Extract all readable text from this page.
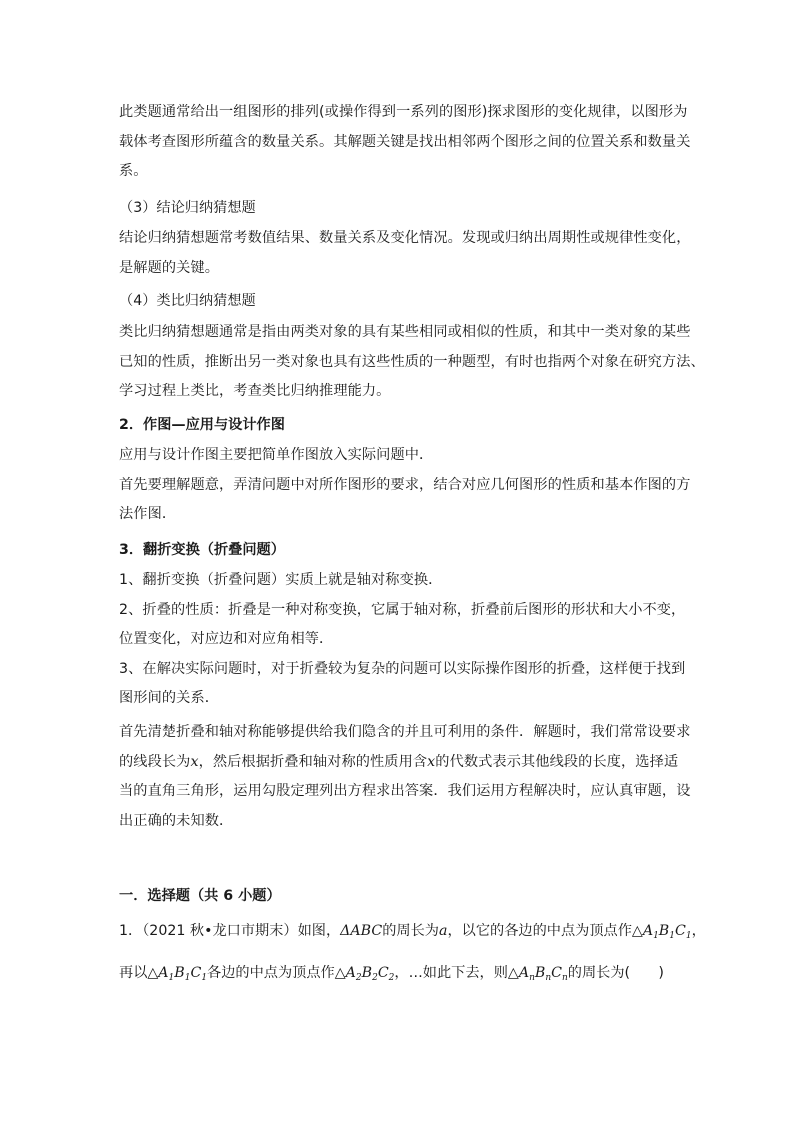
此类题通常给出一组图形的排列(或操作得到一系列的图形)探求图形的变化规律，以图形为
载体考查图形所蕴含的数量关系。其解题关键是找出相邻两个图形之间的位置关系和数量关
系。
（3）结论归纳猜想题
结论归纳猜想题常考数值结果、数量关系及变化情况。发现或归纳出周期性或规律性变化，
是解题的关键。
（4）类比归纳猜想题
类比归纳猜想题通常是指由两类对象的具有某些相同或相似的性质，和其中一类对象的某些
已知的性质，推断出另一类对象也具有这些性质的一种题型，有时也指两个对象在研究方法、
学习过程上类比，考查类比归纳推理能力。
2．作图—应用与设计作图
应用与设计作图主要把简单作图放入实际问题中．
首先要理解题意，弄清问题中对所作图形的要求，结合对应几何图形的性质和基本作图的方
法作图．
3．翻折变换（折叠问题）
1、翻折变换（折叠问题）实质上就是轴对称变换．
2、折叠的性质：折叠是一种对称变换，它属于轴对称，折叠前后图形的形状和大小不变，
位置变化，对应边和对应角相等．
3、在解决实际问题时，对于折叠较为复杂的问题可以实际操作图形的折叠，这样便于找到
图形间的关系．
首先清楚折叠和轴对称能够提供给我们隐含的并且可利用的条件．解题时，我们常常设要求
的线段长为x，然后根据折叠和轴对称的性质用含x的代数式表示其他线段的长度，选择适
当的直角三角形，运用勾股定理列出方程求出答案．我们运用方程解决时，应认真审题，设
出正确的未知数．
一．选择题（共 6 小题）
1．（2021 秋•龙口市期末）如图，ΔABC的周长为a，以它的各边的中点为顶点作$\triangle A_1B_1C_1$，
再以$\triangle A_1B_1C_1$各边的中点为顶点作$\triangle A_2B_2C_2$，…如此下去，则$\triangle A_nB_nC_n$的周长为(　　)
